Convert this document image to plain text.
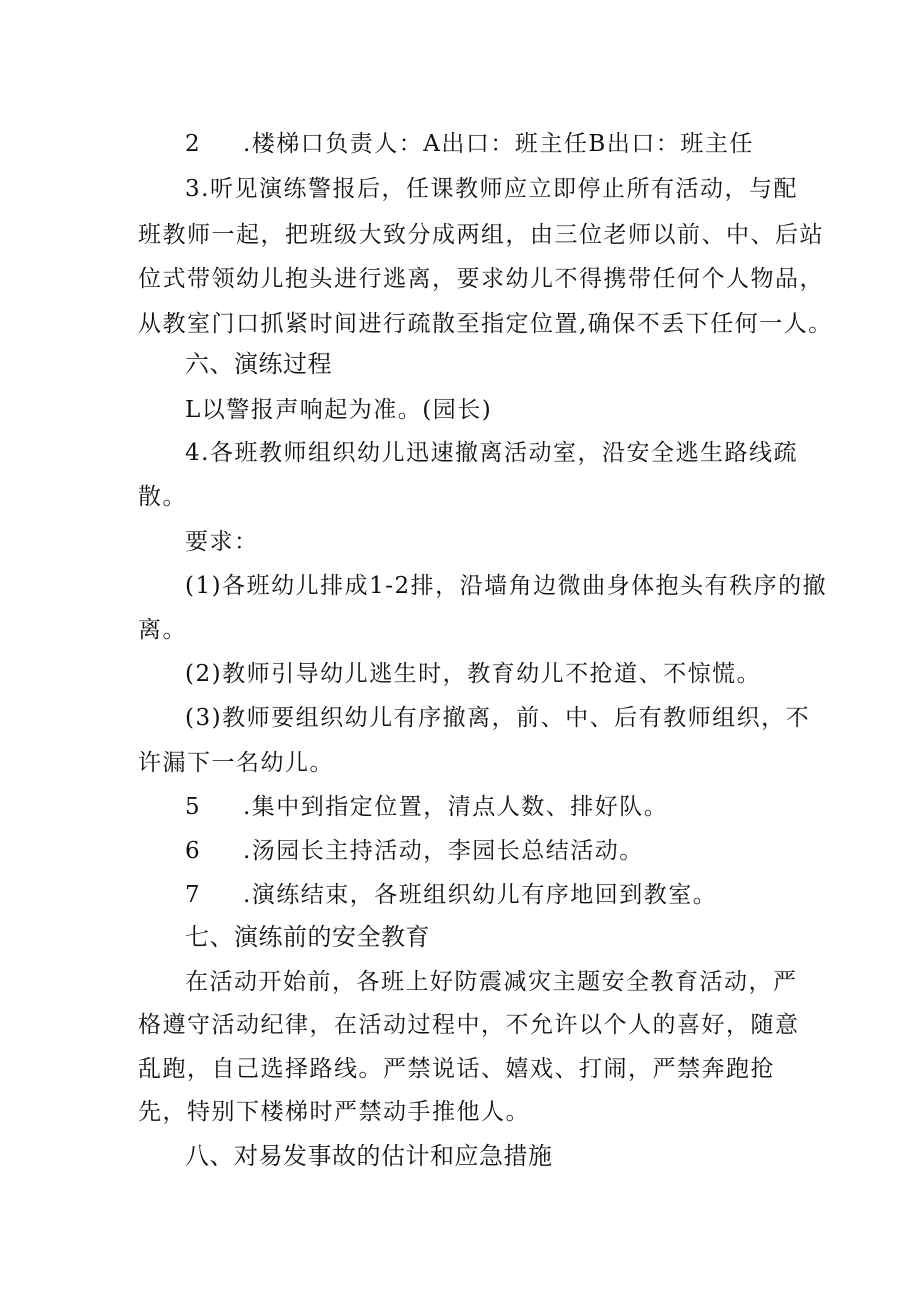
2 .楼梯口负责人：A出口：班主任B出口：班主任
3.听见演练警报后，任课教师应立即停止所有活动，与配
班教师一起，把班级大致分成两组，由三位老师以前、中、后站
位式带领幼儿抱头进行逃离，要求幼儿不得携带任何个人物品，
从教室门口抓紧时间进行疏散至指定位置,确保不丢下任何一人。
六、演练过程
L以警报声响起为准。(园长)
4.各班教师组织幼儿迅速撤离活动室，沿安全逃生路线疏
散。
要求：
(1)各班幼儿排成1-2排，沿墙角边微曲身体抱头有秩序的撤
离。
(2)教师引导幼儿逃生时，教育幼儿不抢道、不惊慌。
(3)教师要组织幼儿有序撤离，前、中、后有教师组织，不
许漏下一名幼儿。
5 .集中到指定位置，清点人数、排好队。
6 .汤园长主持活动，李园长总结活动。
7 .演练结束，各班组织幼儿有序地回到教室。
七、演练前的安全教育
在活动开始前，各班上好防震减灾主题安全教育活动，严
格遵守活动纪律，在活动过程中，不允许以个人的喜好，随意
乱跑，自己选择路线。严禁说话、嬉戏、打闹，严禁奔跑抢
先，特别下楼梯时严禁动手推他人。
八、对易发事故的估计和应急措施
